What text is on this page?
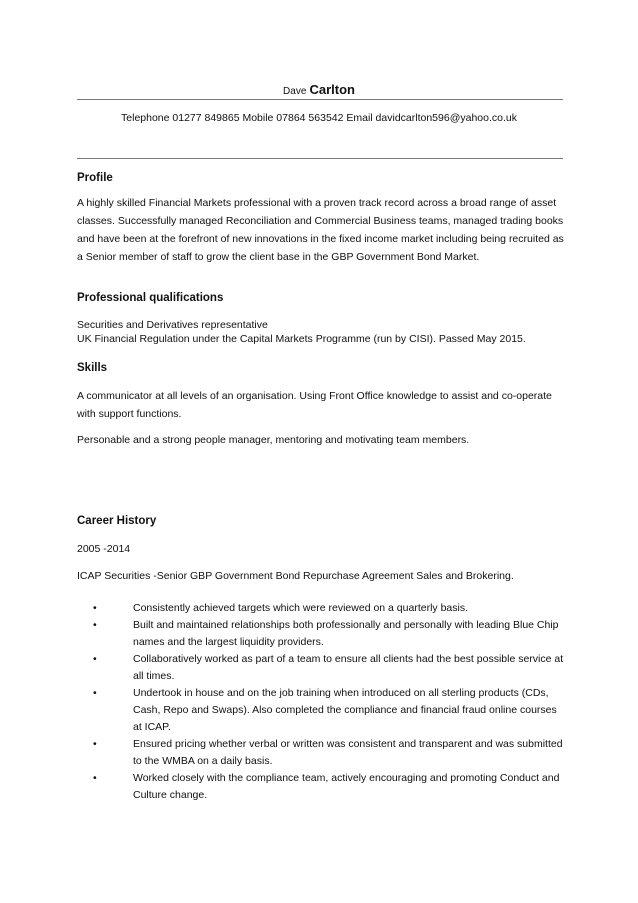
Dave Carlton
Telephone 01277 849865 Mobile 07864 563542 Email davidcarlton596@yahoo.co.uk
Profile
A highly skilled Financial Markets professional with a proven track record across a broad range of asset classes. Successfully managed Reconciliation and Commercial Business teams, managed trading books and have been at the forefront of new innovations in the fixed income market including being recruited as a Senior member of staff to grow the client base in the GBP Government Bond Market.
Professional qualifications
Securities and Derivatives representative
UK Financial Regulation under the Capital Markets Programme (run by CISI). Passed May 2015.
Skills
A communicator at all levels of an organisation. Using Front Office knowledge to assist and co-operate with support functions.
Personable and a strong people manager, mentoring and motivating team members.
Career History
2005 -2014
ICAP Securities -Senior GBP Government Bond Repurchase Agreement Sales and Brokering.
•	Consistently achieved targets which were reviewed on a quarterly basis.
•	Built and maintained relationships both professionally and personally with leading Blue Chip names and the largest liquidity providers.
•	Collaboratively worked as part of a team to ensure all clients had the best possible service at all times.
•	Undertook in house and on the job training when introduced on all sterling products (CDs, Cash, Repo and Swaps). Also completed the compliance and financial fraud online courses at ICAP.
•	Ensured pricing whether verbal or written was consistent and transparent and was submitted to the WMBA on a daily basis.
•	Worked closely with the compliance team, actively encouraging and promoting Conduct and Culture change.
